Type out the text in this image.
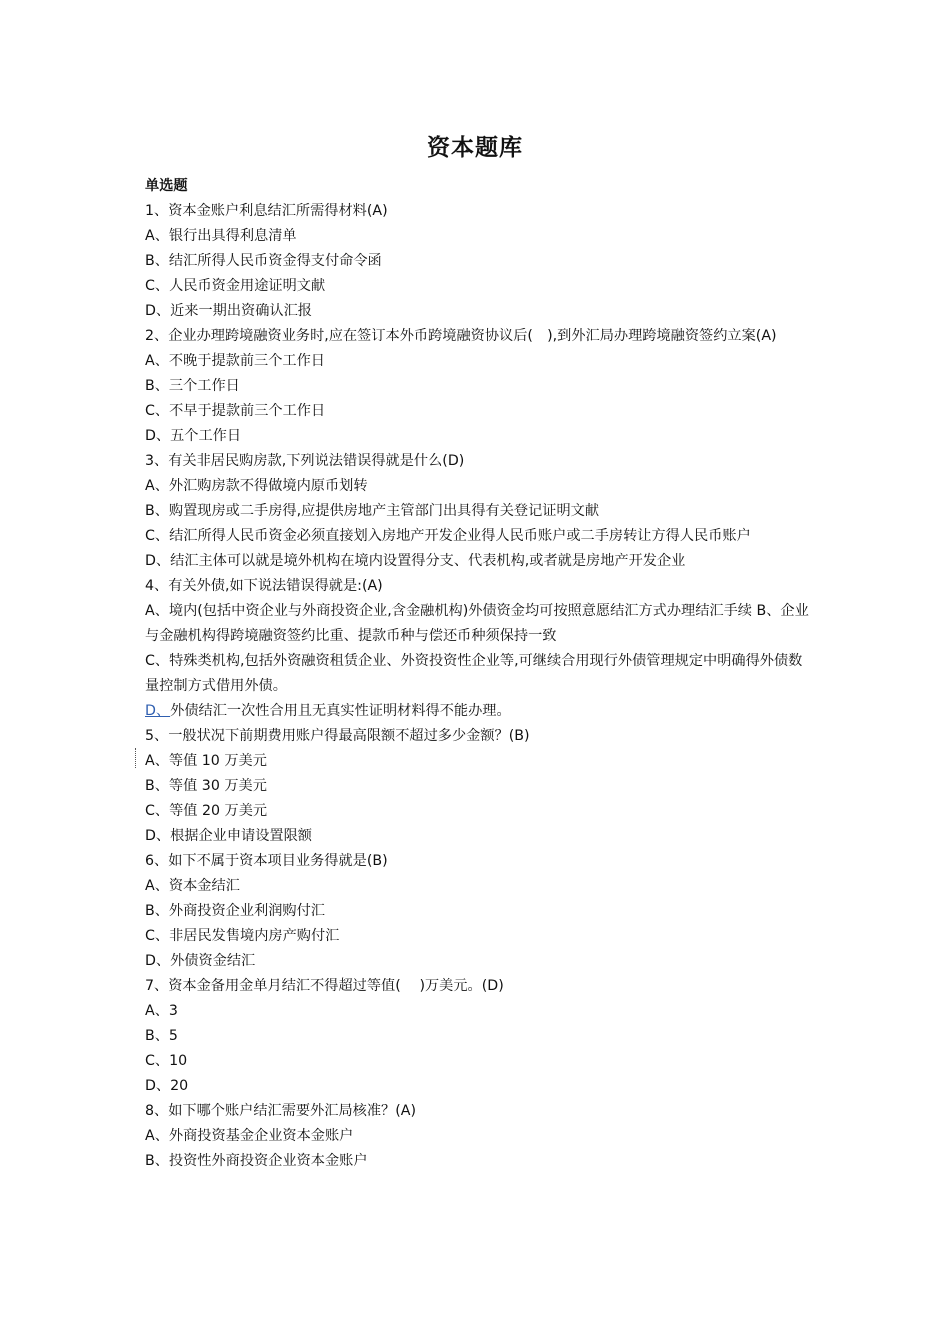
资本题库
单选题
1、资本金账户利息结汇所需得材料(A)
A、银行出具得利息清单
B、结汇所得人民币资金得支付命令函
C、人民币资金用途证明文献
D、近来一期出资确认汇报
2、企业办理跨境融资业务时,应在签订本外币跨境融资协议后(　),到外汇局办理跨境融资签约立案(A)
A、不晚于提款前三个工作日
B、三个工作日
C、不早于提款前三个工作日
D、五个工作日
3、有关非居民购房款,下列说法错误得就是什么(D)
A、外汇购房款不得做境内原币划转
B、购置现房或二手房得,应提供房地产主管部门出具得有关登记证明文献
C、结汇所得人民币资金必须直接划入房地产开发企业得人民币账户或二手房转让方得人民币账户
D、结汇主体可以就是境外机构在境内设置得分支、代表机构,或者就是房地产开发企业
4、有关外债,如下说法错误得就是:(A)
A、境内(包括中资企业与外商投资企业,含金融机构)外债资金均可按照意愿结汇方式办理结汇手续 B、企业与金融机构得跨境融资签约比重、提款币种与偿还币种须保持一致
C、特殊类机构,包括外资融资租赁企业、外资投资性企业等,可继续合用现行外债管理规定中明确得外债数量控制方式借用外债。
D、外债结汇一次性合用且无真实性证明材料得不能办理。
5、一般状况下前期费用账户得最高限额不超过多少金额？(B)
A、等值 10 万美元
B、等值 30 万美元
C、等值 20 万美元
D、根据企业申请设置限额
6、如下不属于资本项目业务得就是(B)
A、资本金结汇
B、外商投资企业利润购付汇
C、非居民发售境内房产购付汇
D、外债资金结汇
7、资本金备用金单月结汇不得超过等值(　 )万美元。(D)
A、3
B、5
C、10
D、20
8、如下哪个账户结汇需要外汇局核准？(A)
A、外商投资基金企业资本金账户
B、投资性外商投资企业资本金账户
